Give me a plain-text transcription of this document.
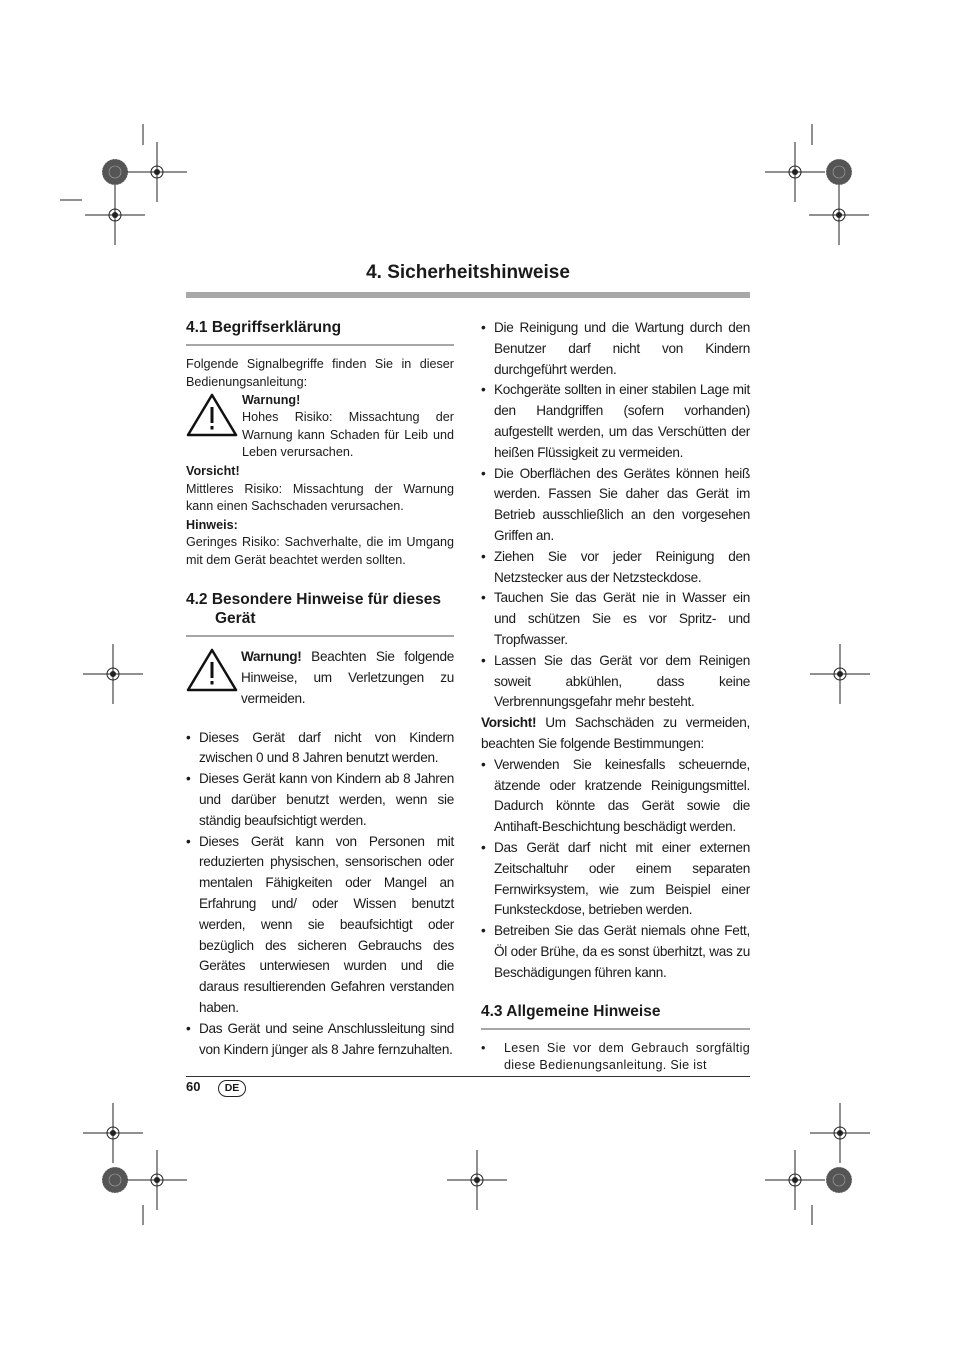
4. Sicherheitshinweise
4.1 Begriffserklärung

Folgende Signalbegriffe finden Sie in dieser Bedienungsanleitung:

Warnung!

Hohes Risiko: Missachtung der Warnung kann Schaden für Leib und Leben verursachen.

Vorsicht!

Mittleres Risiko: Missachtung der Warnung kann einen Sachschaden verursachen.

Hinweis:

Geringes Risiko: Sachverhalte, die im Umgang mit dem Gerät beachtet werden sollten.

4.2 Besondere Hinweise für dieses Gerät

Warnung! Beachten Sie folgende Hinweise, um Verletzungen zu vermeiden.

• Dieses Gerät darf nicht von Kindern zwischen 0 und 8 Jahren benutzt werden.
• Dieses Gerät kann von Kindern ab 8 Jahren und darüber benutzt werden, wenn sie ständig beaufsichtigt werden.
• Dieses Gerät kann von Personen mit reduzierten physischen, sensorischen oder mentalen Fähigkeiten oder Mangel an Erfahrung und/ oder Wissen benutzt werden, wenn sie beaufsichtigt oder bezüglich des sicheren Gebrauchs des Gerätes unterwiesen wurden und die daraus resultierenden Gefahren verstanden haben.
• Das Gerät und seine Anschlussleitung sind von Kindern jünger als 8 Jahre fernzuhalten.
• Die Reinigung und die Wartung durch den Benutzer darf nicht von Kindern durchgeführt werden.
• Kochgeräte sollten in einer stabilen Lage mit den Handgriffen (sofern vorhanden) aufgestellt werden, um das Verschütten der heißen Flüssigkeit zu vermeiden.
• Die Oberflächen des Gerätes können heiß werden. Fassen Sie daher das Gerät im Betrieb ausschließlich an den vorgesehen Griffen an.
• Ziehen Sie vor jeder Reinigung den Netzstecker aus der Netzsteckdose.
• Tauchen Sie das Gerät nie in Wasser ein und schützen Sie es vor Spritz- und Tropfwasser.
• Lassen Sie das Gerät vor dem Reinigen soweit abkühlen, dass keine Verbrennungsgefahr mehr besteht.

Vorsicht! Um Sachschäden zu vermeiden, beachten Sie folgende Bestimmungen:

• Verwenden Sie keinesfalls scheuernde, ätzende oder kratzende Reinigungsmittel. Dadurch könnte das Gerät sowie die Antihaft-Beschichtung beschädigt werden.
• Das Gerät darf nicht mit einer externen Zeitschaltuhr oder einem separaten Fernwirksystem, wie zum Beispiel einer Funksteckdose, betrieben werden.
• Betreiben Sie das Gerät niemals ohne Fett, Öl oder Brühe, da es sonst überhitzt, was zu Beschädigungen führen kann.
4.3 Allgemeine Hinweise
• Lesen Sie vor dem Gebrauch sorgfältig diese Bedienungsanleitung. Sie ist
60	DE
